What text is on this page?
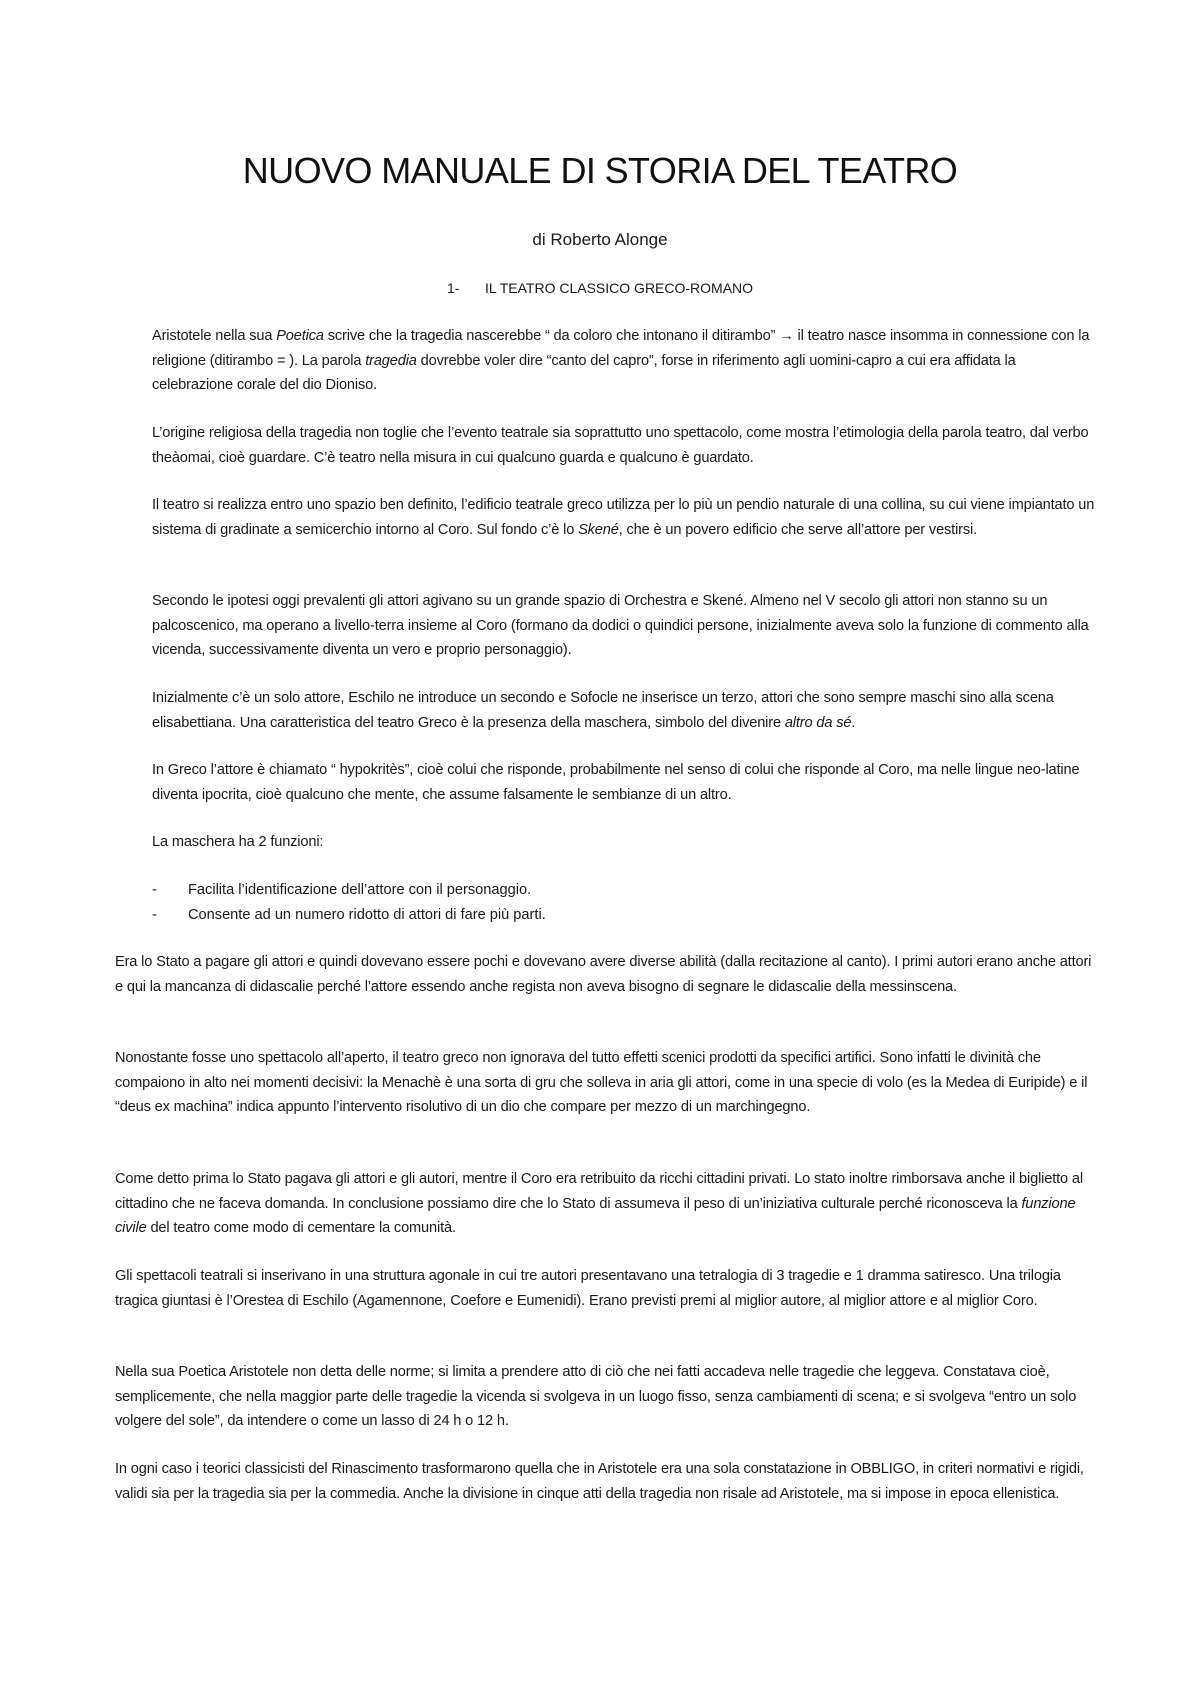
NUOVO MANUALE DI STORIA DEL TEATRO
di Roberto Alonge
1- IL TEATRO CLASSICO GRECO-ROMANO

Aristotele nella sua Poetica scrive che la tragedia nascerebbe “ da coloro che intonano il ditirambo” → il teatro nasce insomma in connessione con la religione (ditirambo = ). La parola tragedia dovrebbe voler dire “canto del capro”, forse in riferimento agli uomini-capro a cui era affidata la celebrazione corale del dio Dioniso.

L’origine religiosa della tragedia non toglie che l’evento teatrale sia soprattutto uno spettacolo, come mostra l’etimologia della parola teatro, dal verbo theàomai, cioè guardare. C’è teatro nella misura in cui qualcuno guarda e qualcuno è guardato.

Il teatro si realizza entro uno spazio ben definito, l’edificio teatrale greco utilizza per lo più un pendio naturale di una collina, su cui viene impiantato un sistema di gradinate a semicerchio intorno al Coro. Sul fondo c’è lo Skené, che è un povero edificio che serve all’attore per vestirsi.

Secondo le ipotesi oggi prevalenti gli attori agivano su un grande spazio di Orchestra e Skené. Almeno nel V secolo gli attori non stanno su un palcoscenico, ma operano a livello-terra insieme al Coro (formano da dodici o quindici persone, inizialmente aveva solo la funzione di commento alla vicenda, successivamente diventa un vero e proprio personaggio).

Inizialmente c’è un solo attore, Eschilo ne introduce un secondo e Sofocle ne inserisce un terzo, attori che sono sempre maschi sino alla scena elisabettiana. Una caratteristica del teatro Greco è la presenza della maschera, simbolo del divenire altro da sé.

In Greco l’attore è chiamato “ hypokritès”, cioè colui che risponde, probabilmente nel senso di colui che risponde al Coro, ma nelle lingue neo-latine diventa ipocrita, cioè qualcuno che mente, che assume falsamente le sembianze di un altro.

La maschera ha 2 funzioni:

-	Facilita l’identificazione dell’attore con il personaggio.
-	Consente ad un numero ridotto di attori di fare più parti.

Era lo Stato a pagare gli attori e quindi dovevano essere pochi e dovevano avere diverse abilità (dalla recitazione al canto). I primi autori erano anche attori e qui la mancanza di didascalie perché l’attore essendo anche regista non aveva bisogno di segnare le didascalie della messinscena.

Nonostante fosse uno spettacolo all’aperto, il teatro greco non ignorava del tutto effetti scenici prodotti da specifici artifici. Sono infatti le divinità che compaiono in alto nei momenti decisivi: la Menachè è una sorta di gru che solleva in aria gli attori, come in una specie di volo (es la Medea di Euripide) e il “deus ex machina” indica appunto l’intervento risolutivo di un dio che compare per mezzo di un marchingegno.

Come detto prima lo Stato pagava gli attori e gli autori, mentre il Coro era retribuito da ricchi cittadini privati. Lo stato inoltre rimborsava anche il biglietto al cittadino che ne faceva domanda. In conclusione possiamo dire che lo Stato di assumeva il peso di un’iniziativa culturale perché riconosceva la funzione civile del teatro come modo di cementare la comunità.

Gli spettacoli teatrali si inserivano in una struttura agonale in cui tre autori presentavano una tetralogia di 3 tragedie e 1 dramma satiresco. Una trilogia tragica giuntasi è l’Orestea di Eschilo (Agamennone, Coefore e Eumenidi). Erano previsti premi al miglior autore, al miglior attore e al miglior Coro.

Nella sua Poetica Aristotele non detta delle norme; si limita a prendere atto di ciò che nei fatti accadeva nelle tragedie che leggeva. Constatava cioè, semplicemente, che nella maggior parte delle tragedie la vicenda si svolgeva in un luogo fisso, senza cambiamenti di scena; e si svolgeva “entro un solo volgere del sole”, da intendere o come un lasso di 24 h o 12 h.

In ogni caso i teorici classicisti del Rinascimento trasformarono quella che in Aristotele era una sola constatazione in OBBLIGO, in criteri normativi e rigidi, validi sia per la tragedia sia per la commedia. Anche la divisione in cinque atti della tragedia non risale ad Aristotele, ma si impose in epoca ellenistica.
